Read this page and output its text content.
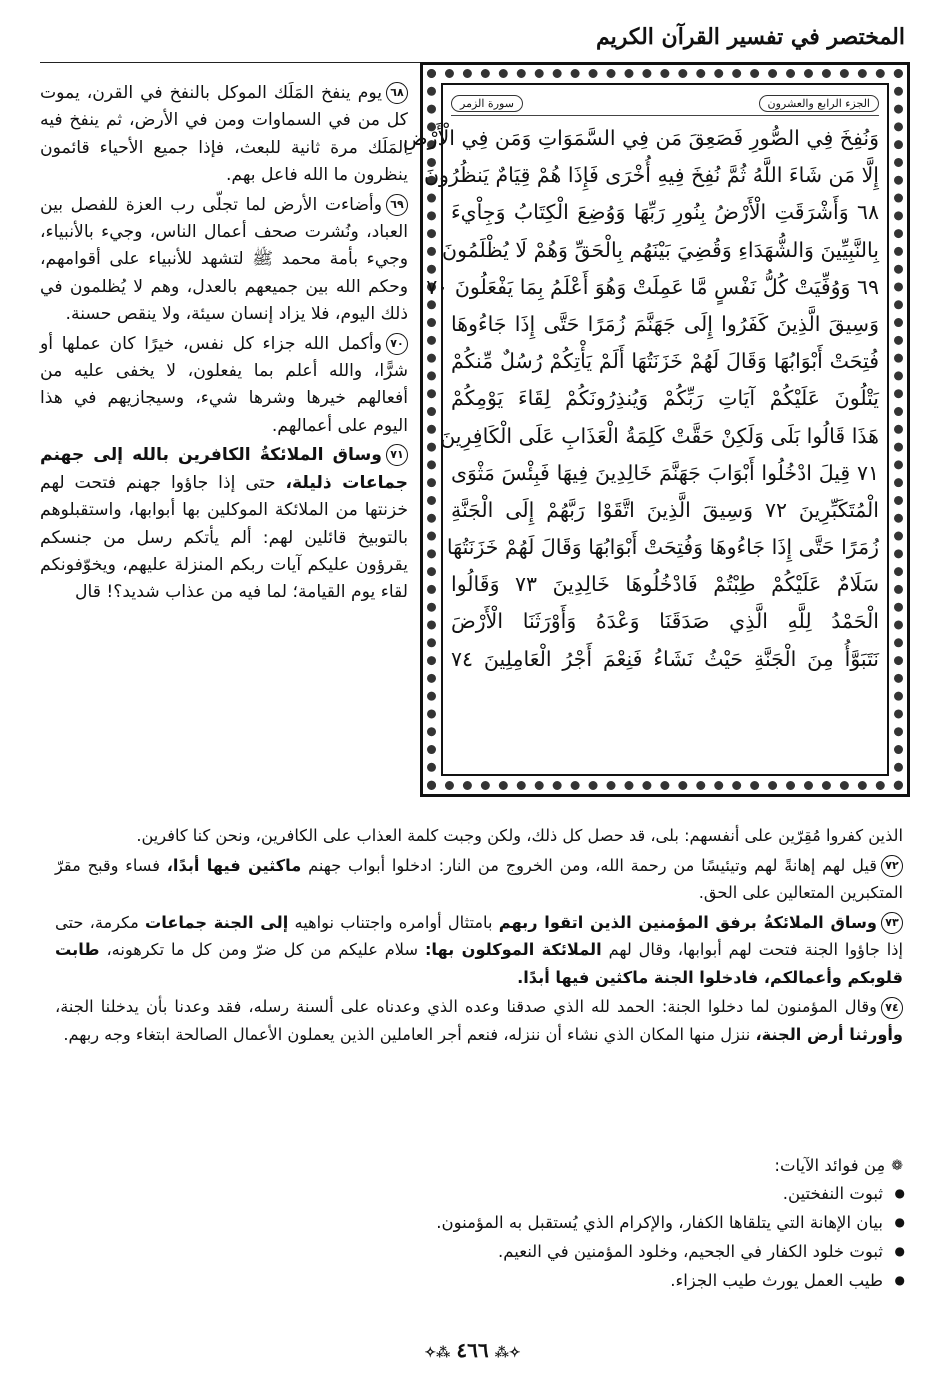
المختصر في تفسير القرآن الكريم
سورة الزمر	الجزء الرابع والعشرون
وَنُفِخَ فِي الصُّورِ فَصَعِقَ مَن فِي السَّمَوَاتِ وَمَن فِي الْأَرْضِ
إِلَّا مَن شَاءَ اللَّهُ ثُمَّ نُفِخَ فِيهِ أُخْرَى فَإِذَا هُمْ قِيَامٌ يَنظُرُونَ
٦٨ وَأَشْرَقَتِ الْأَرْضُ بِنُورِ رَبِّهَا وَوُضِعَ الْكِتَابُ وَجِاْيءَ
بِالنَّبِيِّينَ وَالشُّهَدَاءِ وَقُضِيَ بَيْنَهُم بِالْحَقِّ وَهُمْ لَا يُظْلَمُونَ
٦٩ وَوُفِّيَتْ كُلُّ نَفْسٍ مَّا عَمِلَتْ وَهُوَ أَعْلَمُ بِمَا يَفْعَلُونَ ٧٠
وَسِيقَ الَّذِينَ كَفَرُوا إِلَى جَهَنَّمَ زُمَرًا حَتَّى إِذَا جَاءُوهَا
فُتِحَتْ أَبْوَابُهَا وَقَالَ لَهُمْ خَزَنَتُهَا أَلَمْ يَأْتِكُمْ رُسُلٌ مِّنكُمْ
يَتْلُونَ عَلَيْكُمْ آيَاتِ رَبِّكُمْ وَيُنذِرُونَكُمْ لِقَاءَ يَوْمِكُمْ
هَذَا قَالُوا بَلَى وَلَكِنْ حَقَّتْ كَلِمَةُ الْعَذَابِ عَلَى الْكَافِرِينَ
٧١ قِيلَ ادْخُلُوا أَبْوَابَ جَهَنَّمَ خَالِدِينَ فِيهَا فَبِئْسَ مَثْوَى
الْمُتَكَبِّرِينَ ٧٢ وَسِيقَ الَّذِينَ اتَّقَوْا رَبَّهُمْ إِلَى الْجَنَّةِ
زُمَرًا حَتَّى إِذَا جَاءُوهَا وَفُتِحَتْ أَبْوَابُهَا وَقَالَ لَهُمْ خَزَنَتُهَا
سَلَامٌ عَلَيْكُمْ طِبْتُمْ فَادْخُلُوهَا خَالِدِينَ ٧٣ وَقَالُوا
الْحَمْدُ لِلَّهِ الَّذِي صَدَقَنَا وَعْدَهُ وَأَوْرَثَنَا الْأَرْضَ
نَتَبَوَّأُ مِنَ الْجَنَّةِ حَيْثُ نَشَاءُ فَنِعْمَ أَجْرُ الْعَامِلِينَ ٧٤

٦٨يوم ينفخ المَلَك الموكل بالنفخ في القرن، يموت كل من في السماوات ومن في الأرض، ثم ينفخ فيه المَلَك مرة ثانية للبعث، فإذا جميع الأحياء قائمون ينظرون ما الله فاعل بهم.

٦٩وأضاءت الأرض لما تجلّى رب العزة للفصل بين العباد، ونُشرت صحف أعمال الناس، وجيء بالأنبياء، وجيء بأمة محمد ﷺ لتشهد للأنبياء على أقوامهم، وحكم الله بين جميعهم بالعدل، وهم لا يُظلمون في ذلك اليوم، فلا يزاد إنسان سيئة، ولا ينقص حسنة.

٧٠وأكمل الله جزاء كل نفس، خيرًا كان عملها أو شرًّا، والله أعلم بما يفعلون، لا يخفى عليه من أفعالهم خيرها وشرها شيء، وسيجازيهم في هذا اليوم على أعمالهم.

٧١وساق الملائكةُ الكافرين بالله إلى جهنم جماعات ذليلة، حتى إذا جاؤوا جهنم فتحت لهم خزنتها من الملائكة الموكلين بها أبوابها، واستقبلوهم بالتوبيخ قائلين لهم: ألم يأتكم رسل من جنسكم يقرؤون عليكم آيات ربكم المنزلة عليهم، ويخوّفونكم لقاء يوم القيامة؛ لما فيه من عذاب شديد؟! قال

الذين كفروا مُقِرّين على أنفسهم: بلى، قد حصل كل ذلك، ولكن وجبت كلمة العذاب على الكافرين، ونحن كنا كافرين.

٧٢قيل لهم إهانةً لهم وتيئيسًا من رحمة الله، ومن الخروج من النار: ادخلوا أبواب جهنم ماكثين فيها أبدًا، فساء وقبح مقرّ المتكبرين المتعالين على الحق.

٧٣وساق الملائكةُ برفق المؤمنين الذين اتقوا ربهم بامتثال أوامره واجتناب نواهيه إلى الجنة جماعات مكرمة، حتى إذا جاؤوا الجنة فتحت لهم أبوابها، وقال لهم الملائكة الموكلون بها: سلام عليكم من كل ضرّ ومن كل ما تكرهونه، طابت قلوبكم وأعمالكم، فادخلوا الجنة ماكثين فيها أبدًا.

٧٤وقال المؤمنون لما دخلوا الجنة: الحمد لله الذي صدقنا وعده الذي وعدناه على ألسنة رسله، فقد وعدنا بأن يدخلنا الجنة، وأورثنا أرض الجنة، ننزل منها المكان الذي نشاء أن ننزله، فنعم أجر العاملين الذين يعملون الأعمال الصالحة ابتغاء وجه ربهم.

❁
مِن فوائد الآيات:
● ثبوت النفختين.
● بيان الإهانة التي يتلقاها الكفار، والإكرام الذي يُستقبل به المؤمنون.
● ثبوت خلود الكفار في الجحيم، وخلود المؤمنين في النعيم.
● طيب العمل يورث طيب الجزاء.
✧⁂ ٤٦٦ ⁂✧
